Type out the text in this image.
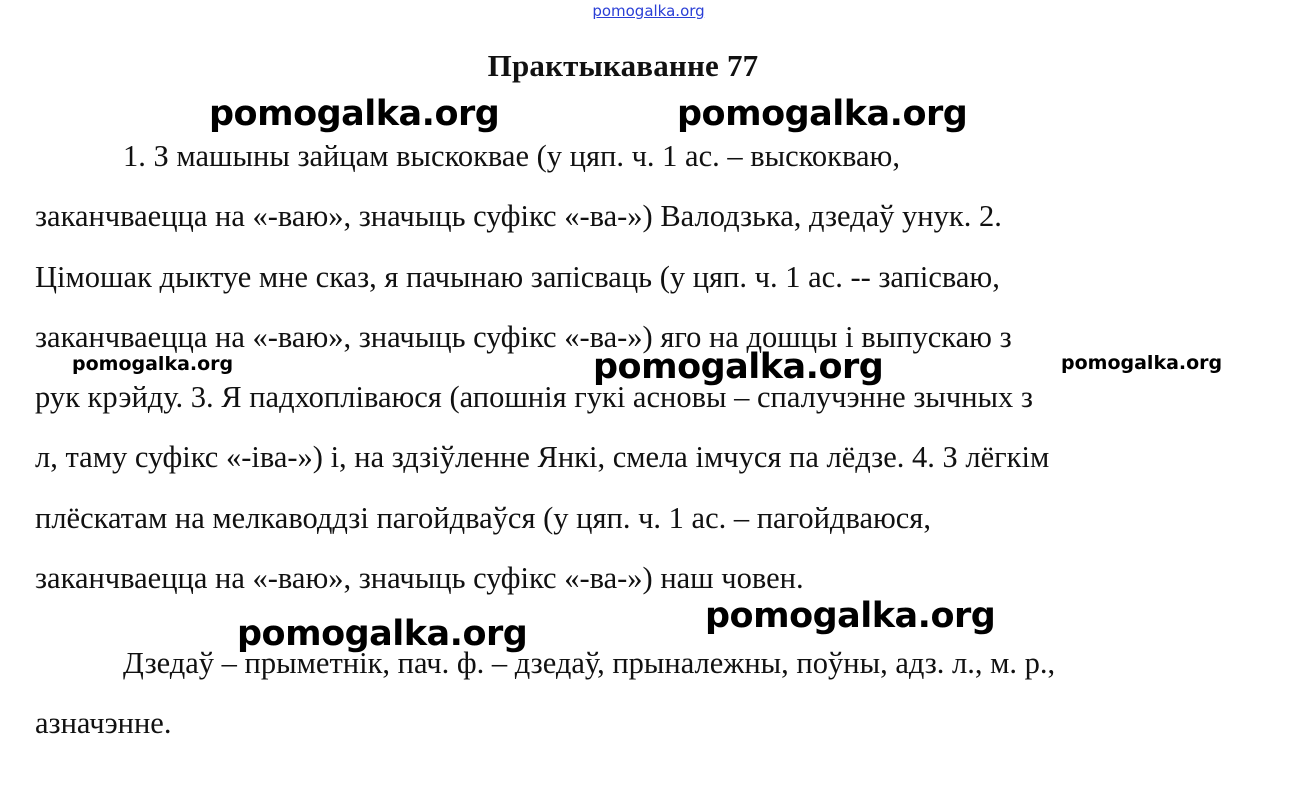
pomogalka.org
Практыкаванне 77

1. З машыны зайцам выскоквае (у цяп. ч. 1 ас. – выскокваю,
заканчваецца на «-ваю», значыць суфікс «-ва-») Валодзька, дзедаў унук. 2.
Цімошак дыктуе мне сказ, я пачынаю запісваць (у цяп. ч. 1 ас. -- запісваю,
заканчваецца на «-ваю», значыць суфікс «-ва-») яго на дошцы і выпускаю з
рук крэйду. 3. Я падхопліваюся (апошнія гукі асновы – спалучэнне зычных з
л, таму суфікс «-іва-») і, на здзіўленне Янкі, смела імчуся па лёдзе. 4. З лёгкім
плёскатам на мелкаводдзі пагойдваўся (у цяп. ч. 1 ас. – пагойдваюся,
заканчваецца на «-ваю», значыць суфікс «-ва-») наш човен.

Дзедаў – прыметнік, пач. ф. – дзедаў, прыналежны, поўны, адз. л., м. р.,
азначэнне.

pomogalka.org	pomogalka.org
pomogalka.org	pomogalka.org	pomogalka.org
pomogalka.org
pomogalka.org
